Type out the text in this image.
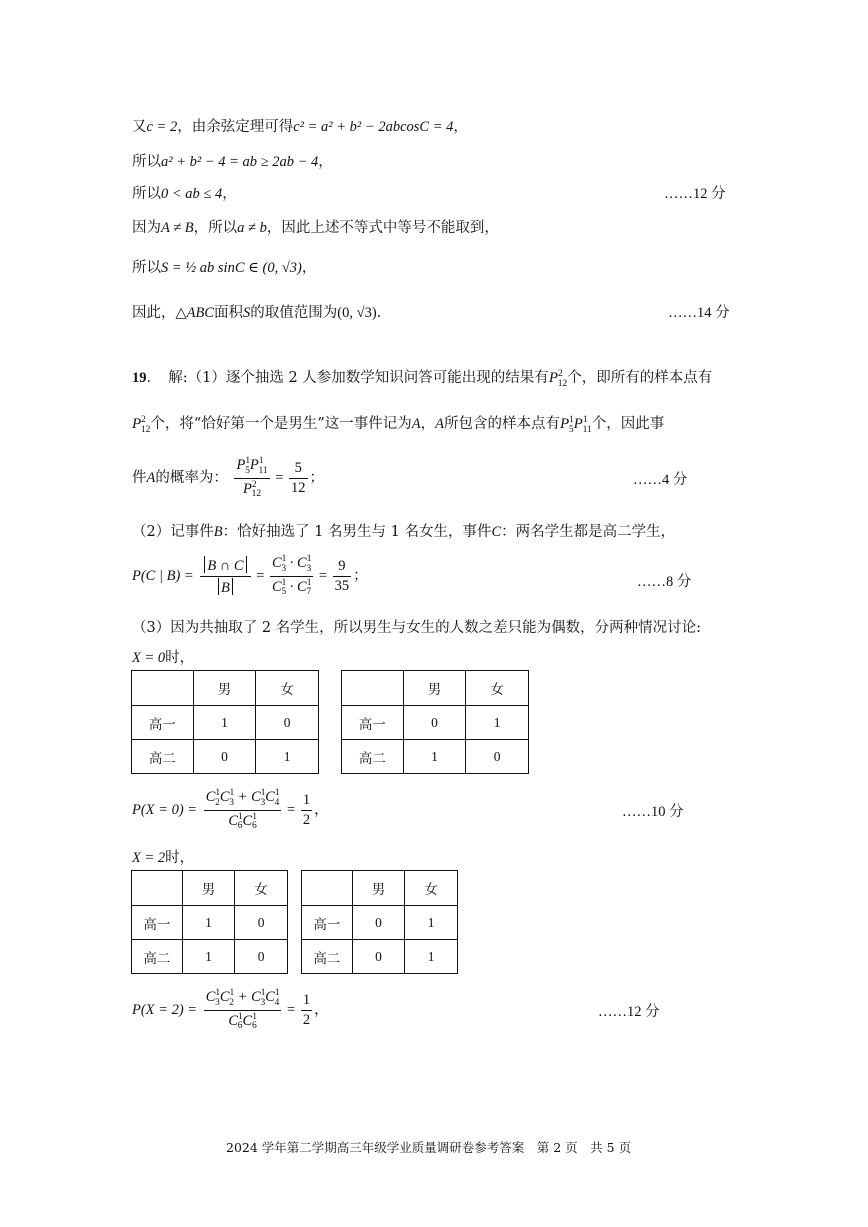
又c = 2，由余弦定理可得c² = a² + b² − 2abcosC = 4，
所以a² + b² − 4 = ab ≥ 2ab − 4，
所以0 < ab ≤ 4，	……12 分
因为A ≠ B，所以a ≠ b，因此上述不等式中等号不能取到，
所以S = ½ ab sinC ∈ (0, √3)，
因此，△ABC面积S的取值范围为(0, √3).	……14 分
19．　解:（1）逐个抽选 2 人参加数学知识问答可能出现的结果有$P^2_{12}$个，即所有的样本点有
$P^2_{12}$个，将“恰好第一个是男生”这一事件记为A，A所包含的样本点有$P^1_5P^1_{11}$个，因此事
件A的概率为： $\frac{P^1_5P^1_{11}}{P^2_{12}} = \frac{5}{12}$ ；	……4 分
（2）记事件B：恰好抽选了 1 名男生与 1 名女生，事件C：两名学生都是高二学生，
P(C | $B) = \frac{B \cap C}{B} = \frac{C^1_3 \cdot C^1_3}{C^1_5 \cdot C^1_7} = \frac{9}{35}$ ；	……8 分
（3）因为共抽取了 2 名学生，所以男生与女生的人数之差只能为偶数，分两种情况讨论:
X = 0时，
	男	女
高一	1	0
高二	0	1
	男	女
高一	0	1
高二	1	0
$P(X = 0) = \frac{C^1_2C^1_3 + C^1_3C^1_4}{C^1_6C^1_6} = \frac{1}{2}$ ，	……10 分
X = 2时，
	男	女
高一	1	0
高二	1	0
	男	女
高一	0	1
高二	0	1
$P(X = 2) = \frac{C^1_3C^1_2 + C^1_3C^1_4}{C^1_6C^1_6} = \frac{1}{2}$ ，	……12 分
2024 学年第二学期高三年级学业质量调研卷参考答案　第 2 页　共 5 页
